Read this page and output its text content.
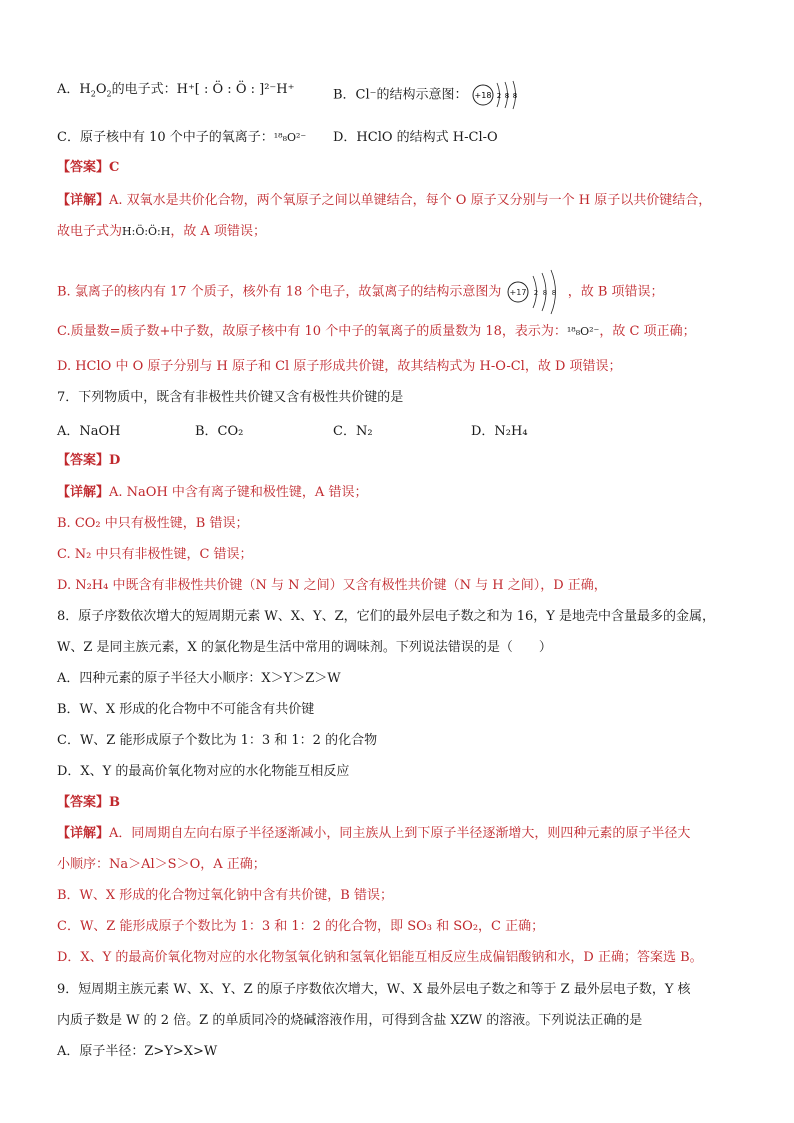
A．$H_2O_2$的电子式：H⁺[ : Ö : Ö : ]²⁻H⁺	B．Cl⁻的结构示意图： +18 2 8 8
C．原子核中有 10 个中子的氧离子：¹⁸₈O²⁻	D．HClO 的结构式 H-Cl-O
【答案】C
【详解】A. 双氧水是共价化合物，两个氧原子之间以单键结合，每个 O 原子又分别与一个 H 原子以共价键结合，
故电子式为H:Ö:Ö:H，故 A 项错误；
B. 氯离子的核内有 17 个质子，核外有 18 个电子，故氯离子的结构示意图为 +17 2 8 8 ，故 B 项错误；
C.质量数=质子数+中子数，故原子核中有 10 个中子的氧离子的质量数为 18，表示为：¹⁸₈O²⁻，故 C 项正确；
D. HClO 中 O 原子分别与 H 原子和 Cl 原子形成共价键，故其结构式为 H-O-Cl，故 D 项错误；
7．下列物质中，既含有非极性共价键又含有极性共价键的是
A．NaOH	B．CO₂	C．N₂	D．N₂H₄
【答案】D
【详解】A. NaOH 中含有离子键和极性键，A 错误；
B. CO₂ 中只有极性键，B 错误；
C. N₂ 中只有非极性键，C 错误；
D. N₂H₄ 中既含有非极性共价键（N 与 N 之间）又含有极性共价键（N 与 H 之间），D 正确，
8．原子序数依次增大的短周期元素 W、X、Y、Z，它们的最外层电子数之和为 16，Y 是地壳中含量最多的金属，
W、Z 是同主族元素，X 的氯化物是生活中常用的调味剂。下列说法错误的是（　　）
A．四种元素的原子半径大小顺序：X＞Y＞Z＞W
B．W、X 形成的化合物中不可能含有共价键
C．W、Z 能形成原子个数比为 1：3 和 1：2 的化合物
D．X、Y 的最高价氧化物对应的水化物能互相反应
【答案】B
【详解】A．同周期自左向右原子半径逐渐减小，同主族从上到下原子半径逐渐增大，则四种元素的原子半径大
小顺序：Na＞Al＞S＞O，A 正确；
B．W、X 形成的化合物过氧化钠中含有共价键，B 错误；
C．W、Z 能形成原子个数比为 1：3 和 1：2 的化合物，即 SO₃ 和 SO₂，C 正确；
D．X、Y 的最高价氧化物对应的水化物氢氧化钠和氢氧化铝能互相反应生成偏铝酸钠和水，D 正确；答案选 B。
9．短周期主族元素 W、X、Y、Z 的原子序数依次增大，W、X 最外层电子数之和等于 Z 最外层电子数，Y 核
内质子数是 W 的 2 倍。Z 的单质同冷的烧碱溶液作用，可得到含盐 XZW 的溶液。下列说法正确的是
A．原子半径：Z>Y>X>W
